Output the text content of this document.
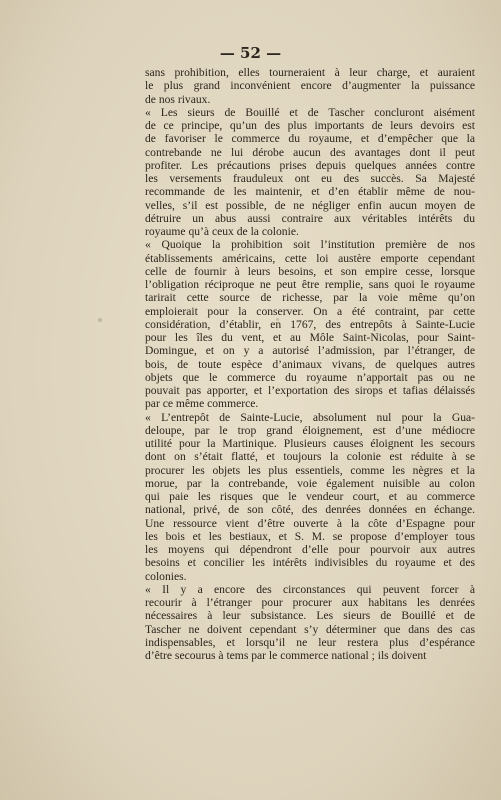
— 52 —
sans prohibition, elles tourneraient à leur charge, et auraient
le plus grand inconvénient encore d’augmenter la puissance
de nos rivaux.
« Les sieurs de Bouillé et de Tascher concluront aisément
de ce principe, qu’un des plus importants de leurs devoirs est
de favoriser le commerce du royaume, et d’empêcher que la
contrebande ne lui dérobe aucun des avantages dont il peut
profiter. Les précautions prises depuis quelques années contre
les versements frauduleux ont eu des succès. Sa Majesté
recommande de les maintenir, et d’en établir même de nou-
velles, s’il est possible, de ne négliger enfin aucun moyen de
détruire un abus aussi contraire aux véritables intérêts du
royaume qu’à ceux de la colonie.
« Quoique la prohibition soit l’institution première de nos
établissements américains, cette loi austère emporte cependant
celle de fournir à leurs besoins, et son empire cesse, lorsque
l’obligation réciproque ne peut être remplie, sans quoi le royaume
tarirait cette source de richesse, par la voie même qu’on
emploierait pour la conserver. On a été contraint, par cette
considération, d’établir, en 1767, des entrepôts à Sainte-Lucie
pour les îles du vent, et au Môle Saint-Nicolas, pour Saint-
Domingue, et on y a autorisé l’admission, par l’étranger, de
bois, de toute espèce d’animaux vivans, de quelques autres
objets que le commerce du royaume n’apportait pas ou ne
pouvait pas apporter, et l’exportation des sirops et tafias délaissés
par ce même commerce.
« L’entrepôt de Sainte-Lucie, absolument nul pour la Gua-
deloupe, par le trop grand éloignement, est d’une médiocre
utilité pour la Martinique. Plusieurs causes éloignent les secours
dont on s’était flatté, et toujours la colonie est réduite à se
procurer les objets les plus essentiels, comme les nègres et la
morue, par la contrebande, voie également nuisible au colon
qui paie les risques que le vendeur court, et au commerce
national, privé, de son côté, des denrées données en échange.
Une ressource vient d’être ouverte à la côte d’Espagne pour
les bois et les bestiaux, et S. M. se propose d’employer tous
les moyens qui dépendront d’elle pour pourvoir aux autres
besoins et concilier les intérêts indivisibles du royaume et des
colonies.
« Il y a encore des circonstances qui peuvent forcer à
recourir à l’étranger pour procurer aux habitans les denrées
nécessaires à leur subsistance. Les sieurs de Bouillé et de
Tascher ne doivent cependant s’y déterminer que dans des cas
indispensables, et lorsqu’il ne leur restera plus d’espérance
d’être secourus à tems par le commerce national ; ils doivent
